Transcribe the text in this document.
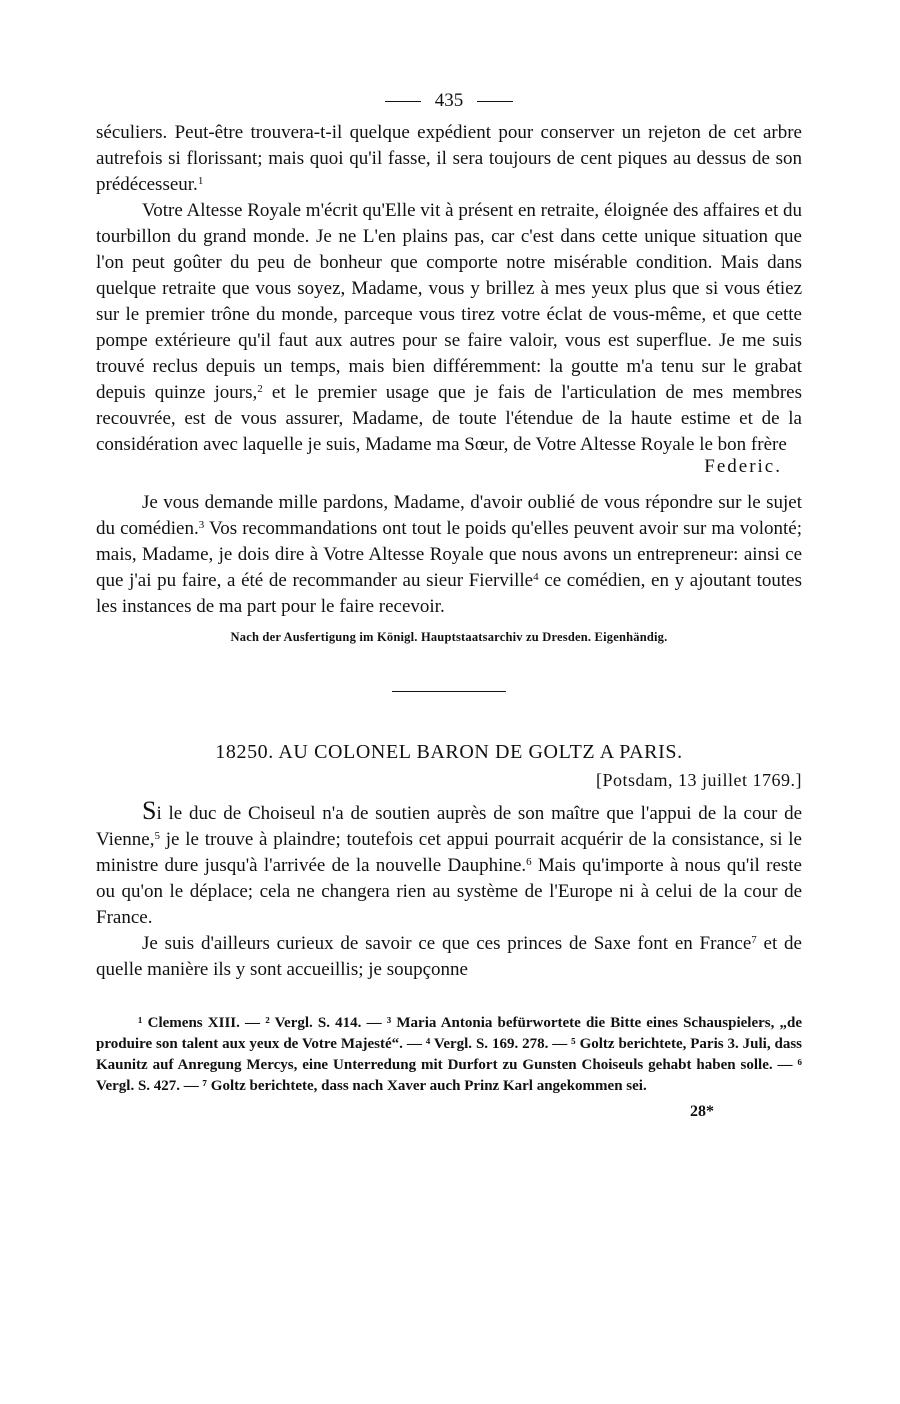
435

séculiers. Peut-être trouvera-t-il quelque expédient pour conserver un rejeton de cet arbre autrefois si florissant; mais quoi qu'il fasse, il sera toujours de cent piques au dessus de son prédécesseur.$^1$

Votre Altesse Royale m'écrit qu'Elle vit à présent en retraite, éloignée des affaires et du tourbillon du grand monde. Je ne L'en plains pas, car c'est dans cette unique situation que l'on peut goûter du peu de bonheur que comporte notre misérable condition. Mais dans quelque retraite que vous soyez, Madame, vous y brillez à mes yeux plus que si vous étiez sur le premier trône du monde, parceque vous tirez votre éclat de vous-même, et que cette pompe extérieure qu'il faut aux autres pour se faire valoir, vous est superflue. Je me suis trouvé reclus depuis un temps, mais bien différemment: la goutte m'a tenu sur le grabat depuis quinze jours,$^2$ et le premier usage que je fais de l'articulation de mes membres recouvrée, est de vous assurer, Madame, de toute l'étendue de la haute estime et de la considération avec laquelle je suis, Madame ma Sœur, de Votre Altesse Royale le bon frère

Federic.

Je vous demande mille pardons, Madame, d'avoir oublié de vous répondre sur le sujet du comédien.$^3$ Vos recommandations ont tout le poids qu'elles peuvent avoir sur ma volonté; mais, Madame, je dois dire à Votre Altesse Royale que nous avons un entrepreneur: ainsi ce que j'ai pu faire, a été de recommander au sieur Fierville$^4$ ce comédien, en y ajoutant toutes les instances de ma part pour le faire recevoir.

Nach der Ausfertigung im Königl. Hauptstaatsarchiv zu Dresden. Eigenhändig.
18250. AU COLONEL BARON DE GOLTZ A PARIS.
[Potsdam, 13 juillet 1769.]

Si le duc de Choiseul n'a de soutien auprès de son maître que l'appui de la cour de Vienne,$^5$ je le trouve à plaindre; toutefois cet appui pourrait acquérir de la consistance, si le ministre dure jusqu'à l'arrivée de la nouvelle Dauphine.$^6$ Mais qu'importe à nous qu'il reste ou qu'on le déplace; cela ne changera rien au système de l'Europe ni à celui de la cour de France.

Je suis d'ailleurs curieux de savoir ce que ces princes de Saxe font en France$^7$ et de quelle manière ils y sont accueillis; je soupçonne

¹ Clemens XIII. — ² Vergl. S. 414. — ³ Maria Antonia befürwortete die Bitte eines Schauspielers, „de produire son talent aux yeux de Votre Majesté“. — ⁴ Vergl. S. 169. 278. — ⁵ Goltz berichtete, Paris 3. Juli, dass Kaunitz auf Anregung Mercys, eine Unterredung mit Durfort zu Gunsten Choiseuls gehabt haben solle. — ⁶ Vergl. S. 427. — ⁷ Goltz berichtete, dass nach Xaver auch Prinz Karl angekommen sei.

28*
